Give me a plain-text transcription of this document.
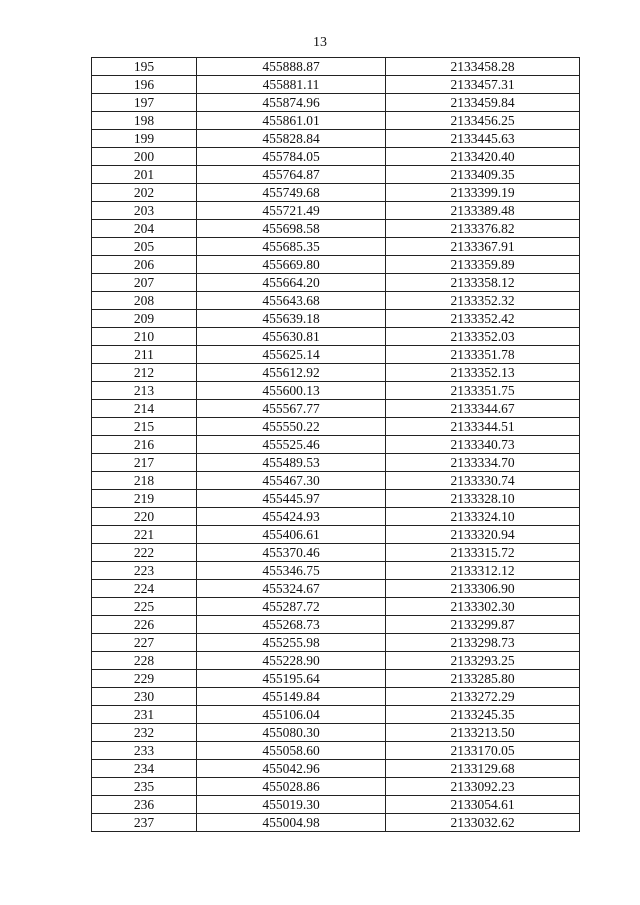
13
195	455888.87	2133458.28
196	455881.11	2133457.31
197	455874.96	2133459.84
198	455861.01	2133456.25
199	455828.84	2133445.63
200	455784.05	2133420.40
201	455764.87	2133409.35
202	455749.68	2133399.19
203	455721.49	2133389.48
204	455698.58	2133376.82
205	455685.35	2133367.91
206	455669.80	2133359.89
207	455664.20	2133358.12
208	455643.68	2133352.32
209	455639.18	2133352.42
210	455630.81	2133352.03
211	455625.14	2133351.78
212	455612.92	2133352.13
213	455600.13	2133351.75
214	455567.77	2133344.67
215	455550.22	2133344.51
216	455525.46	2133340.73
217	455489.53	2133334.70
218	455467.30	2133330.74
219	455445.97	2133328.10
220	455424.93	2133324.10
221	455406.61	2133320.94
222	455370.46	2133315.72
223	455346.75	2133312.12
224	455324.67	2133306.90
225	455287.72	2133302.30
226	455268.73	2133299.87
227	455255.98	2133298.73
228	455228.90	2133293.25
229	455195.64	2133285.80
230	455149.84	2133272.29
231	455106.04	2133245.35
232	455080.30	2133213.50
233	455058.60	2133170.05
234	455042.96	2133129.68
235	455028.86	2133092.23
236	455019.30	2133054.61
237	455004.98	2133032.62
